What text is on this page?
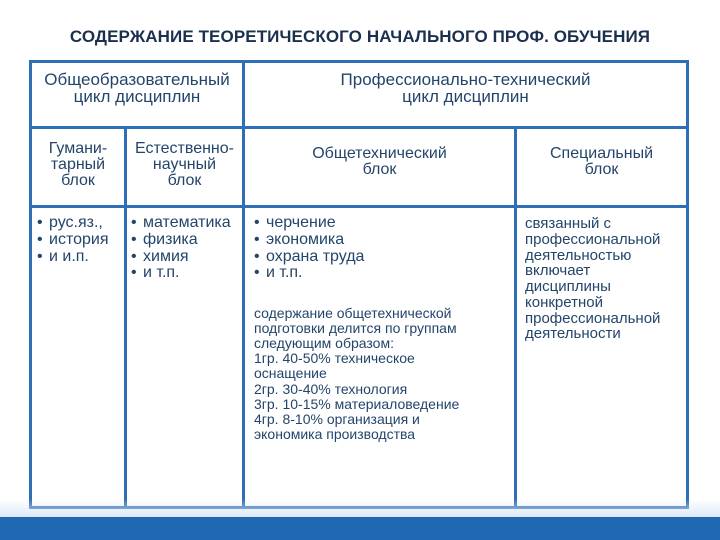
СОДЕРЖАНИЕ ТЕОРЕТИЧЕСКОГО НАЧАЛЬНОГО ПРОФ. ОБУЧЕНИЯ
Общеобразовательный
цикл дисциплин
Профессионально-технический
цикл дисциплин
Гумани-
тарный
блок
Естественно-
научный
блок
Общетехнический
блок
Специальный
блок
• рус.яз.,
• история
• и и.п.
• математика
• физика
• химия
• и т.п.
• черчение
• экономика
• охрана труда
• и т.п.
содержание общетехнической
подготовки делится по группам
следующим образом:
1гр. 40-50% техническое
оснащение
2гр. 30-40% технология
3гр. 10-15% материаловедение
4гр. 8-10% организация и
экономика производства
связанный с
профессиональной
деятельностью
включает
дисциплины
конкретной
профессиональной
деятельности
